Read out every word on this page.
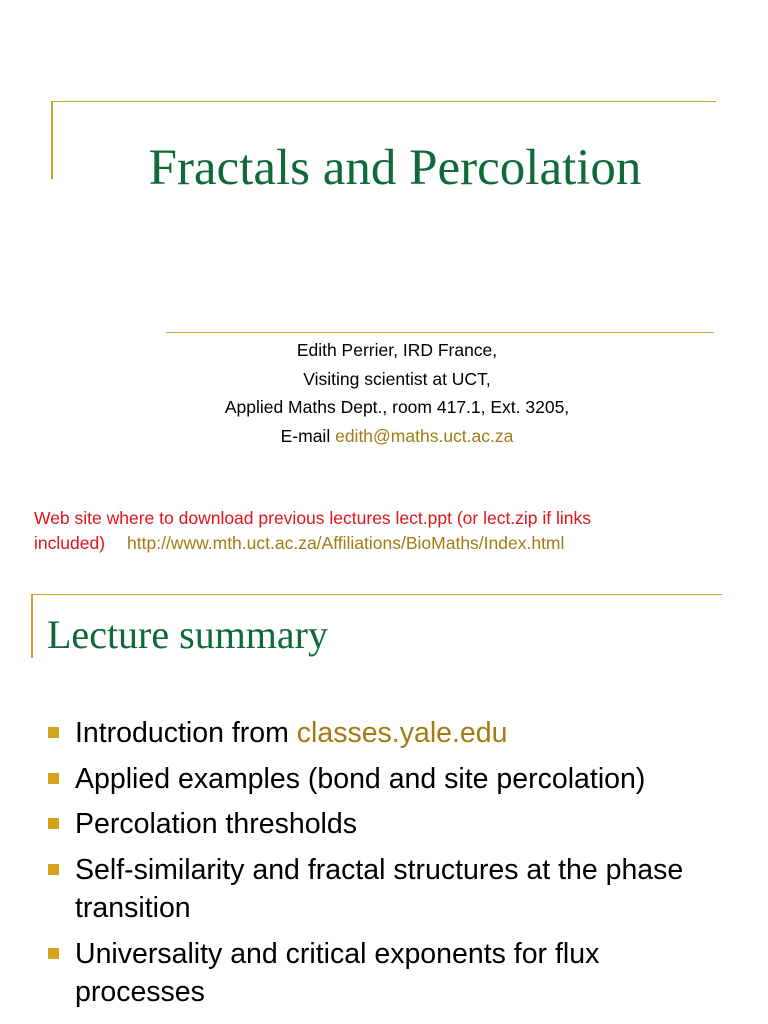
Fractals and Percolation
Edith Perrier, IRD France,
Visiting scientist at UCT,
Applied Maths Dept., room 417.1, Ext. 3205,
E-mail edith@maths.uct.ac.za
Web site where to download previous lectures lect.ppt (or lect.zip if links included) http://www.mth.uct.ac.za/Affiliations/BioMaths/Index.html
Lecture summary
Introduction from classes.yale.edu
Applied examples (bond and site percolation)
Percolation thresholds
Self-similarity and fractal structures at the phase transition
Universality and critical exponents for flux processes
